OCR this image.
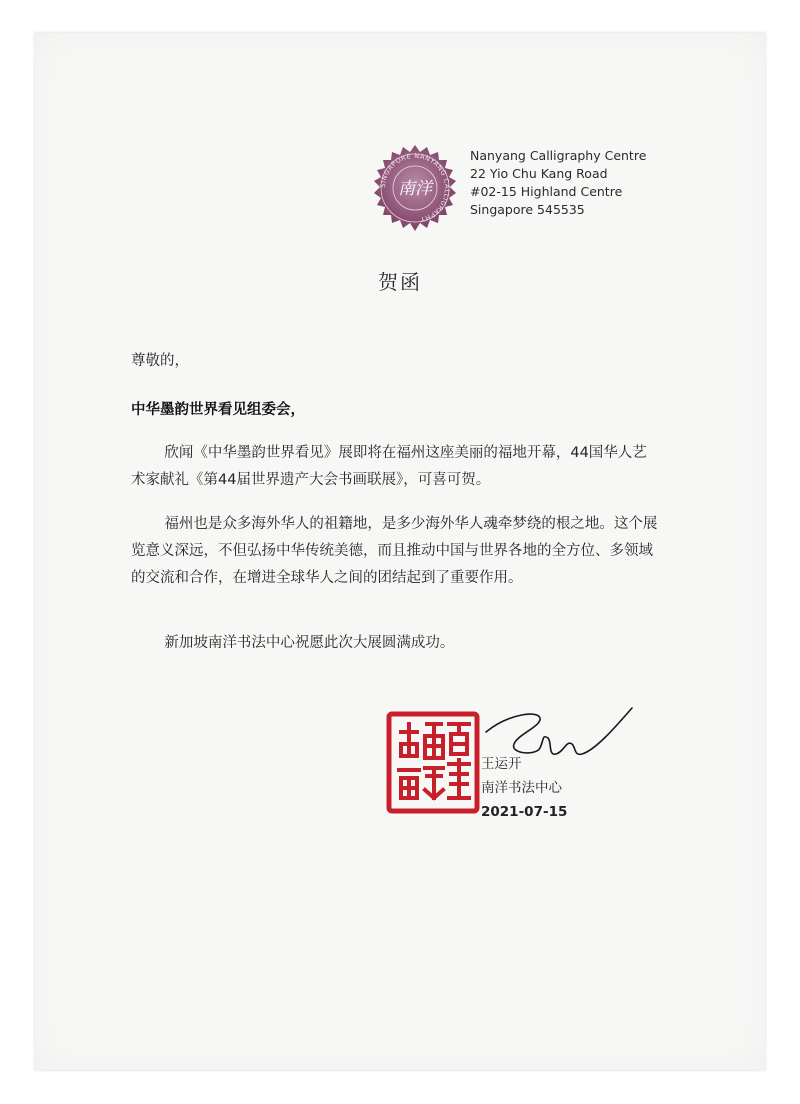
SINGAPORE NANYANG CALLIGRAPHY
南洋
Nanyang Calligraphy Centre
22 Yio Chu Kang Road
#02-15 Highland Centre
Singapore 545535
贺函
尊敬的，
中华墨韵世界看见组委会，
欣闻《中华墨韵世界看见》展即将在福州这座美丽的福地开幕，44国华人艺术家献礼《第44届世界遗产大会书画联展》，可喜可贺。
福州也是众多海外华人的祖籍地，是多少海外华人魂牵梦绕的根之地。这个展览意义深远，不但弘扬中华传统美德，而且推动中国与世界各地的全方位、多领域的交流和合作，在增进全球华人之间的团结起到了重要作用。
新加坡南洋书法中心祝愿此次大展圆满成功。
王运开
南洋书法中心
2021-07-15
